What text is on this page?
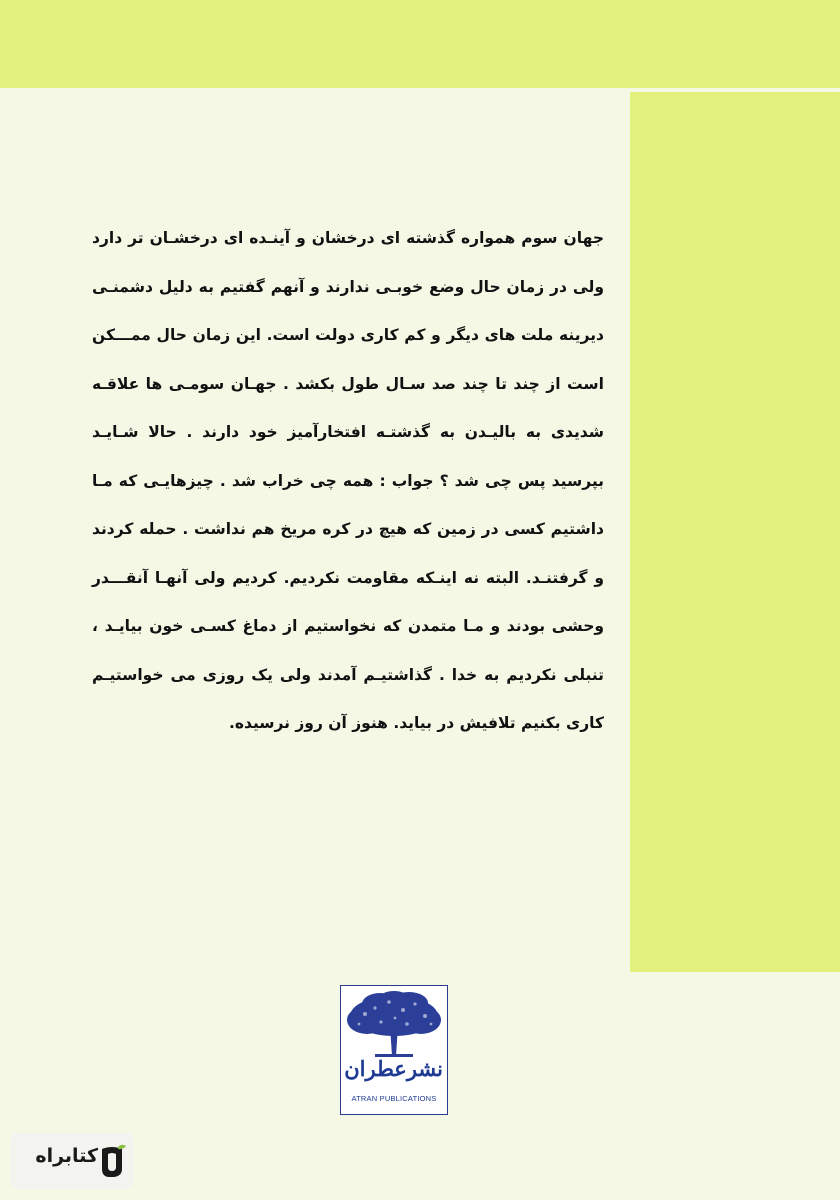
جهان سوم همواره گذشته ای درخشان و آینـده ای درخشـان تر دارد
ولی در زمان حال وضع خوبـی ندارند و آنهم گفتیم به دلیل دشمنـی
دیرینه ملت های دیگر و کم کاری دولت است. این زمان حال ممـــکن
است از چند تا چند صد سـال طول بکشد . جهـان سومـی ها علاقـه
شدیدی به بالیـدن به گذشتـه افتخارآمیز خود دارند . حالا شـایـد
بپرسید پس چی شد ؟ جواب : همه چی خراب شد . چیزهایـی که مـا
داشتیم کسی در زمین که هیچ در کره مریخ هم نداشت . حمله کردند
و گرفتنـد. البته نه اینـکه مقاومت نکردیم. کردیم ولی آنهـا آنقـــدر
وحشی بودند و مـا متمدن که نخواستیم از دماغ کسـی خون بیایـد ،
تنبلی نکردیم به خدا . گذاشتیـم آمدند ولی یک روزی می خواستیـم
کاری بکنیم تلافیش در بیاید. هنوز آن روز نرسیده.
نشرعطران
ATRAN PUBLICATIONS
کتابراه
